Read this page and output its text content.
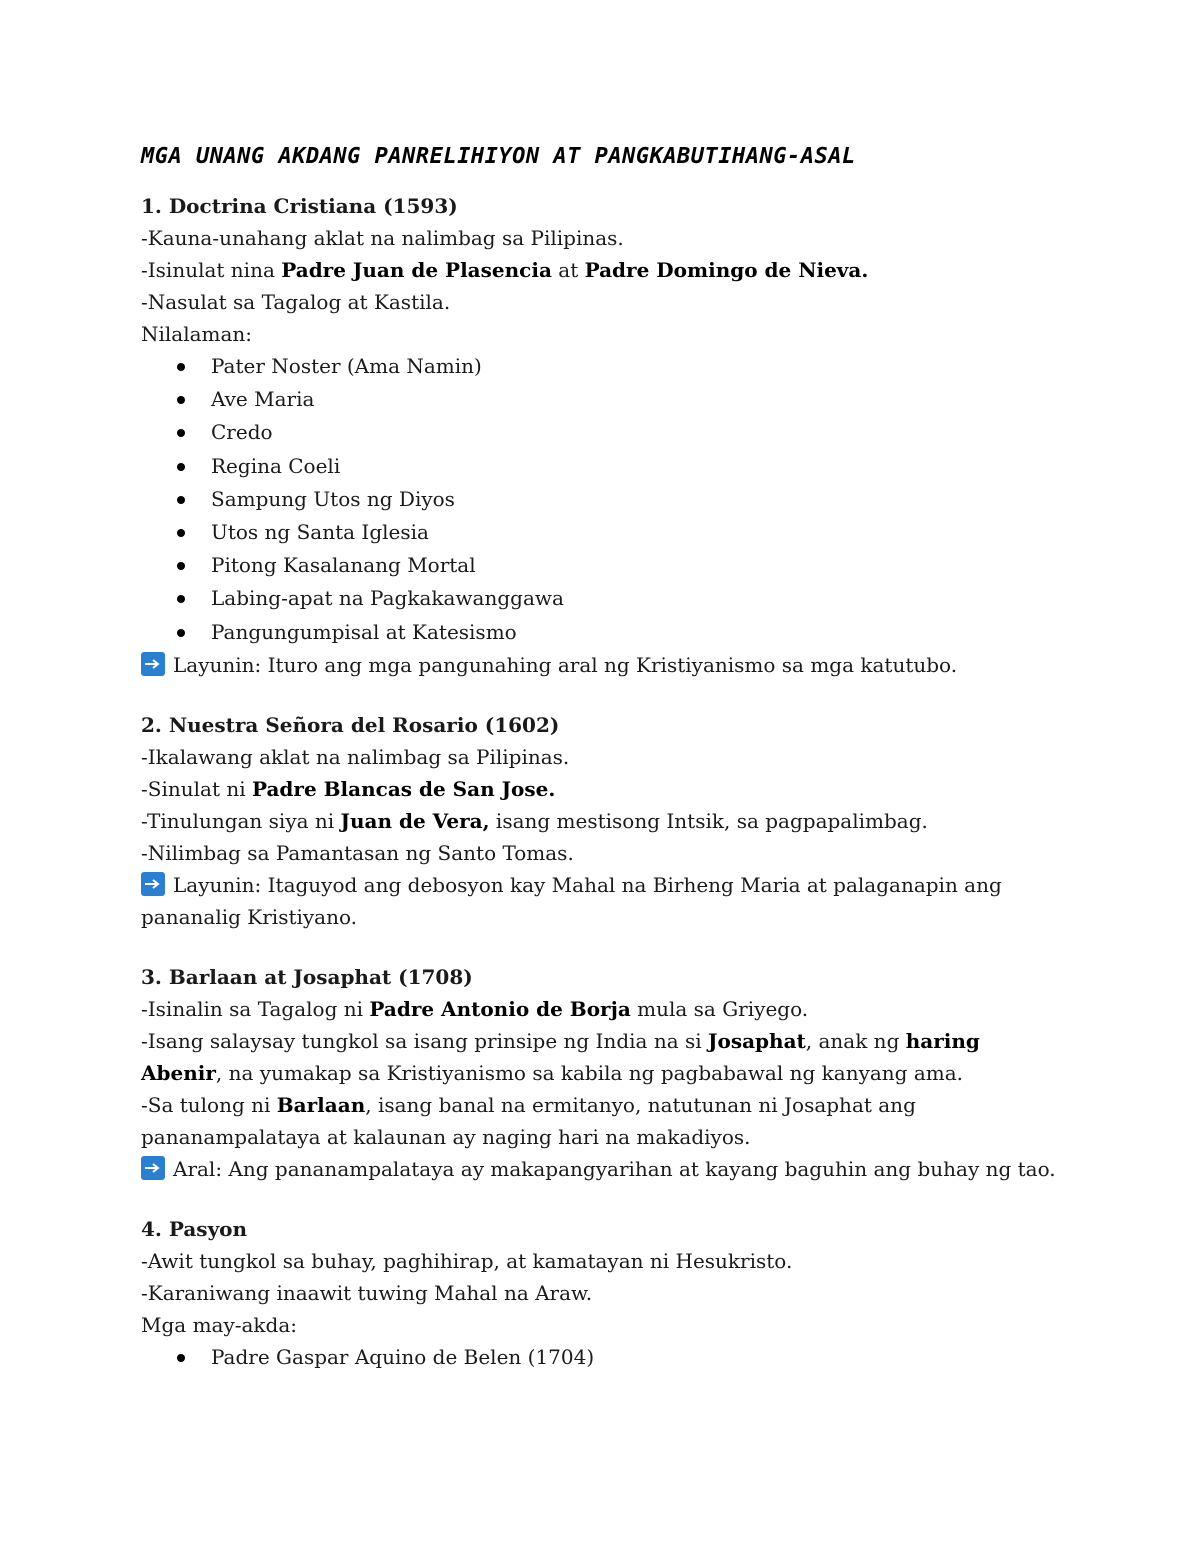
MGA UNANG AKDANG PANRELIHIYON AT PANGKABUTIHANG-ASAL

1. Doctrina Cristiana (1593)

-Kauna-unahang aklat na nalimbag sa Pilipinas.

-Isinulat nina Padre Juan de Plasencia at Padre Domingo de Nieva.

-Nasulat sa Tagalog at Kastila.

Nilalaman:

Pater Noster (Ama Namin)
Ave Maria
Credo
Regina Coeli
Sampung Utos ng Diyos
Utos ng Santa Iglesia
Pitong Kasalanang Mortal
Labing-apat na Pagkakawanggawa
Pangungumpisal at Katesismo

Layunin: Ituro ang mga pangunahing aral ng Kristiyanismo sa mga katutubo.

2. Nuestra Señora del Rosario (1602)

-Ikalawang aklat na nalimbag sa Pilipinas.

-Sinulat ni Padre Blancas de San Jose.

-Tinulungan siya ni Juan de Vera, isang mestisong Intsik, sa pagpapalimbag.

-Nilimbag sa Pamantasan ng Santo Tomas.

Layunin: Itaguyod ang debosyon kay Mahal na Birheng Maria at palaganapin ang pananalig Kristiyano.

3. Barlaan at Josaphat (1708)

-Isinalin sa Tagalog ni Padre Antonio de Borja mula sa Griyego.

-Isang salaysay tungkol sa isang prinsipe ng India na si Josaphat, anak ng haring Abenir, na yumakap sa Kristiyanismo sa kabila ng pagbabawal ng kanyang ama.

-Sa tulong ni Barlaan, isang banal na ermitanyo, natutunan ni Josaphat ang pananampalataya at kalaunan ay naging hari na makadiyos.

Aral: Ang pananampalataya ay makapangyarihan at kayang baguhin ang buhay ng tao.

4. Pasyon

-Awit tungkol sa buhay, paghihirap, at kamatayan ni Hesukristo.

-Karaniwang inaawit tuwing Mahal na Araw.

Mga may-akda:

Padre Gaspar Aquino de Belen (1704)
